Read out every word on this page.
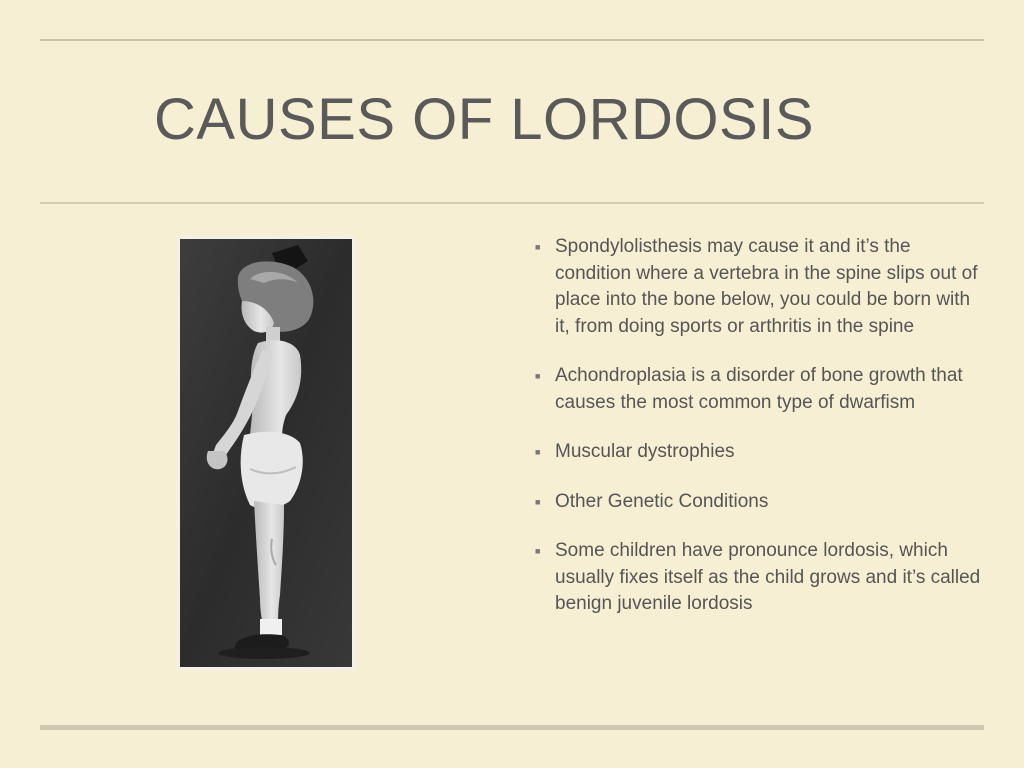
CAUSES OF LORDOSIS
■ Spondylolisthesis may cause it and it’s the condition where a vertebra in the spine slips out of place into the bone below, you could be born with it, from doing sports or arthritis in the spine
■ Achondroplasia is a disorder of bone growth that causes the most common type of dwarfism
■ Muscular dystrophies
■ Other Genetic Conditions
■ Some children have pronounce lordosis, which usually fixes itself as the child grows and it’s called benign juvenile lordosis
